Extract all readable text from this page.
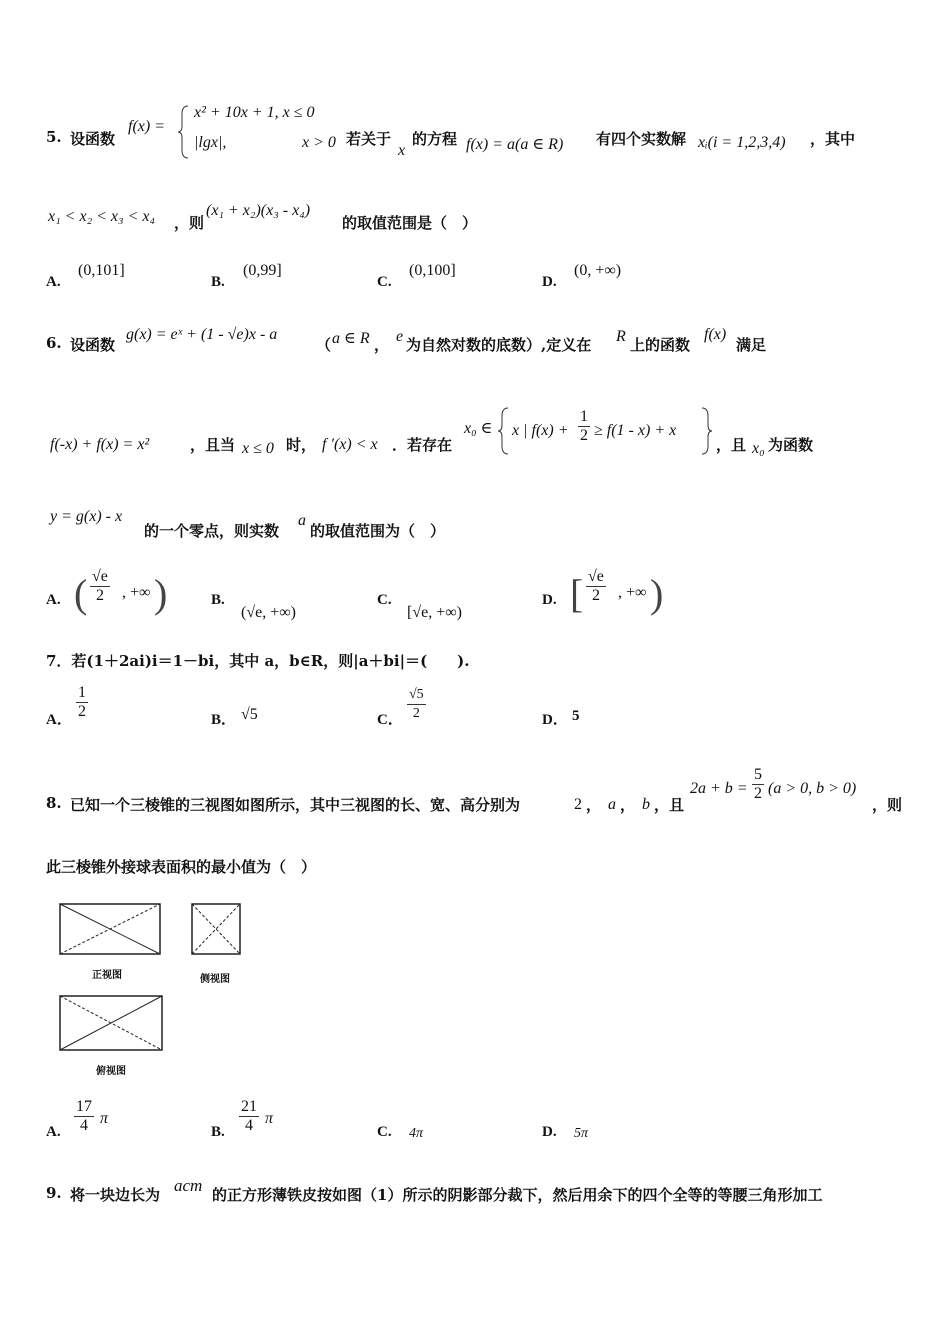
5. 设函数
f(x) =
x² + 10x + 1, x ≤ 0
|lgx|,	x > 0 若关于
x
的方程 f(x) = a(a ∈ R) 有四个实数解 xᵢ(i = 1,2,3,4) ，其中
x₁ < x₂ < x₃ < x₄ ，则
(x₁ + x₂)(x₃ - x₄)
的取值范围是（　）
A.
(0,101]
B.
(0,99]
C.
(0,100]
D.
(0, +∞)
6. 设函数
g(x) = eˣ + (1 - √e)x - a
（ a ∈ R ， e 为自然对数的底数）,定义在 R 上的函数
f(x)
满足
f(-x) + f(x) = x²	，且当 x ≤ 0 时， f ′(x) < x ．若存在
x₀ ∈ x | $f(x) + \frac{1}{2} \ge f(1 - x) + x$
，且 x₀ 为函数
y = g(x) - x
的一个零点，则实数
a
的取值范围为（　）
A. ( $\frac{√e}{2}$ , +∞ )	B.
(√e, +∞)
C.
[√e, +∞)
D. [ $\frac{√e}{2}$ , +∞ )
7．若(1＋2ai)i＝1－bi，其中 a，b∈R，则|a＋bi|＝(　　).
A． $\frac{1}{2}$	B． √5	C． $\frac{√5}{2}$	D． 5
8. 已知一个三棱锥的三视图如图所示，其中三视图的长、宽、高分别为	2 ， a ， b ，且
$2a + b = \frac{5}{2} (a > 0$, b > 0)
，则
此三棱锥外接球表面积的最小值为（　）
正视图	侧视图
俯视图
A. $\frac{17}{4}$ π
B. $\frac{21}{4}$ π
C. 4π	D. 5π
9. 将一块边长为 acm 的正方形薄铁皮按如图（1）所示的阴影部分裁下，然后用余下的四个全等的等腰三角形加工
